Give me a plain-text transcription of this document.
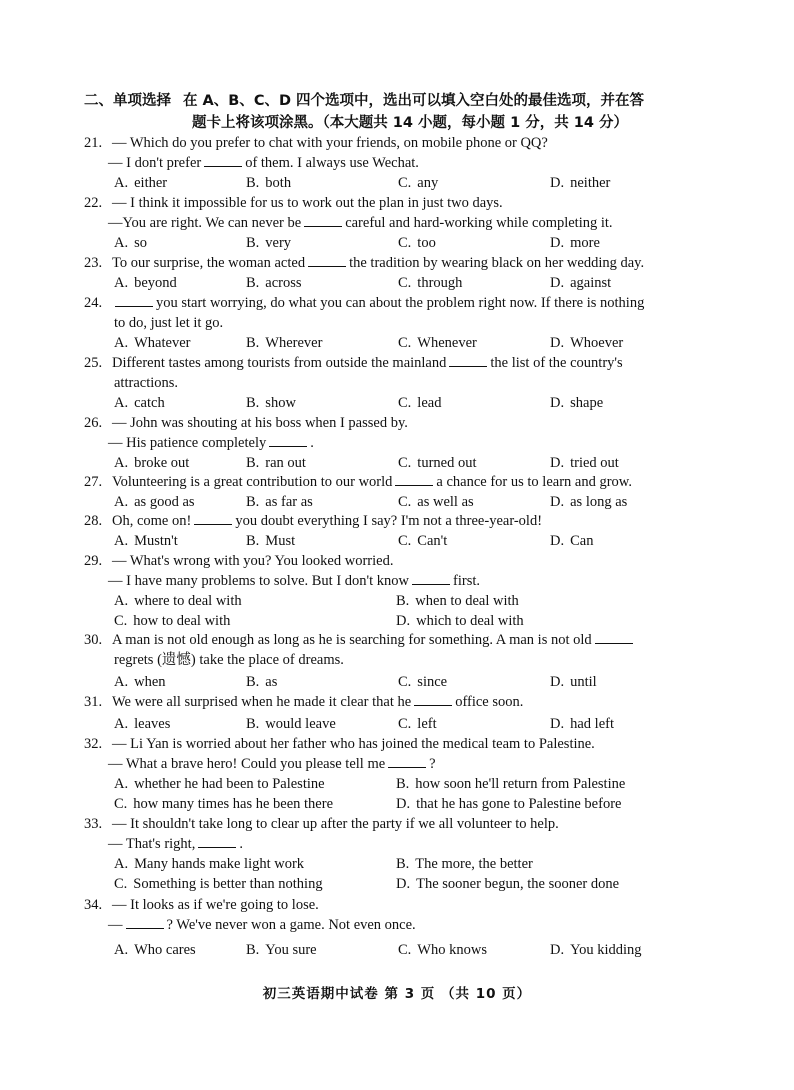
二、单项选择 在 A、B、C、D 四个选项中，选出可以填入空白处的最佳选项，并在答
题卡上将该项涂黑。（本大题共 14 小题，每小题 1 分，共 14 分）
21. — Which do you prefer to chat with your friends, on mobile phone or QQ?
— I don't prefer	of them. I always use Wechat.
A. either	B. both	C. any	D. neither
22. — I think it impossible for us to work out the plan in just two days.
—You are right. We can never be	careful and hard-working while completing it.
A. so	B. very	C. too	D. more
23. To our surprise, the woman acted	the tradition by wearing black on her wedding day.
A. beyond	B. across	C. through	D. against
24.	you start worrying, do what you can about the problem right now. If there is nothing
to do, just let it go.
A. Whatever	B. Wherever	C. Whenever	D. Whoever
25. Different tastes among tourists from outside the mainland	the list of the country's
attractions.
A. catch	B. show	C. lead	D. shape
26. — John was shouting at his boss when I passed by.
— His patience completely	.
A. broke out	B. ran out	C. turned out	D. tried out
27. Volunteering is a great contribution to our world	a chance for us to learn and grow.
A. as good as	B. as far as	C. as well as	D. as long as
28. Oh, come on!	you doubt everything I say? I'm not a three-year-old!
A. Mustn't	B. Must	C. Can't	D. Can
29. — What's wrong with you? You looked worried.
— I have many problems to solve. But I don't know	first.
A. where to deal with	B. when to deal with
C. how to deal with	D. which to deal with
30. A man is not old enough as long as he is searching for something. A man is not old
regrets (遗憾) take the place of dreams.
A. when	B. as	C. since	D. until
31. We were all surprised when he made it clear that he	office soon.
A. leaves	B. would leave	C. left	D. had left
32. — Li Yan is worried about her father who has joined the medical team to Palestine.
— What a brave hero! Could you please tell me	?
A. whether he had been to Palestine	B. how soon he'll return from Palestine
C. how many times has he been there	D. that he has gone to Palestine before
33. — It shouldn't take long to clear up after the party if we all volunteer to help.
— That's right,	.
A. Many hands make light work	B. The more, the better
C. Something is better than nothing	D. The sooner begun, the sooner done
34. — It looks as if we're going to lose.
—	? We've never won a game. Not even once.
A. Who cares	B. You sure	C. Who knows	D. You kidding
初三英语期中试卷 第 3 页 （共 10 页）
